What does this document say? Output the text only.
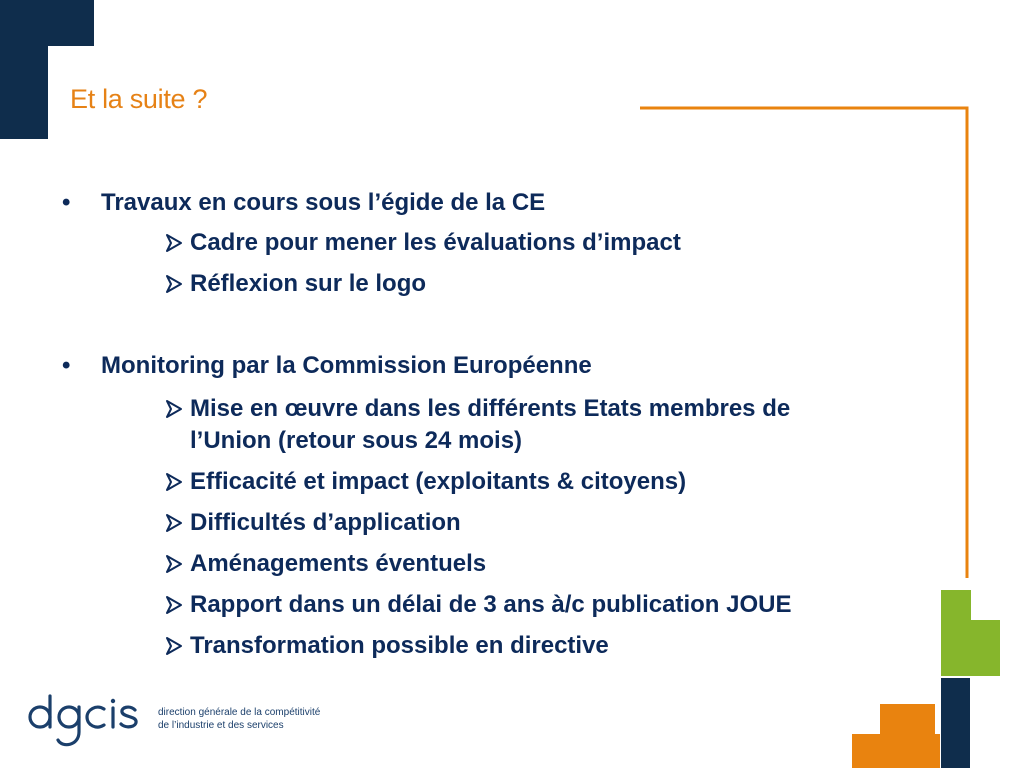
Et la suite ?
• Travaux en cours sous l’égide de la CE
Cadre pour mener les évaluations d’impact
Réflexion sur le logo
• Monitoring par la Commission Européenne
Mise en œuvre dans les différents Etats membres de
l’Union (retour sous 24 mois)
Efficacité et impact (exploitants & citoyens)
Difficultés d’application
Aménagements éventuels
Rapport dans un délai de 3 ans à/c publication JOUE
Transformation possible en directive
direction générale de la compétitivité
de l’industrie et des services
